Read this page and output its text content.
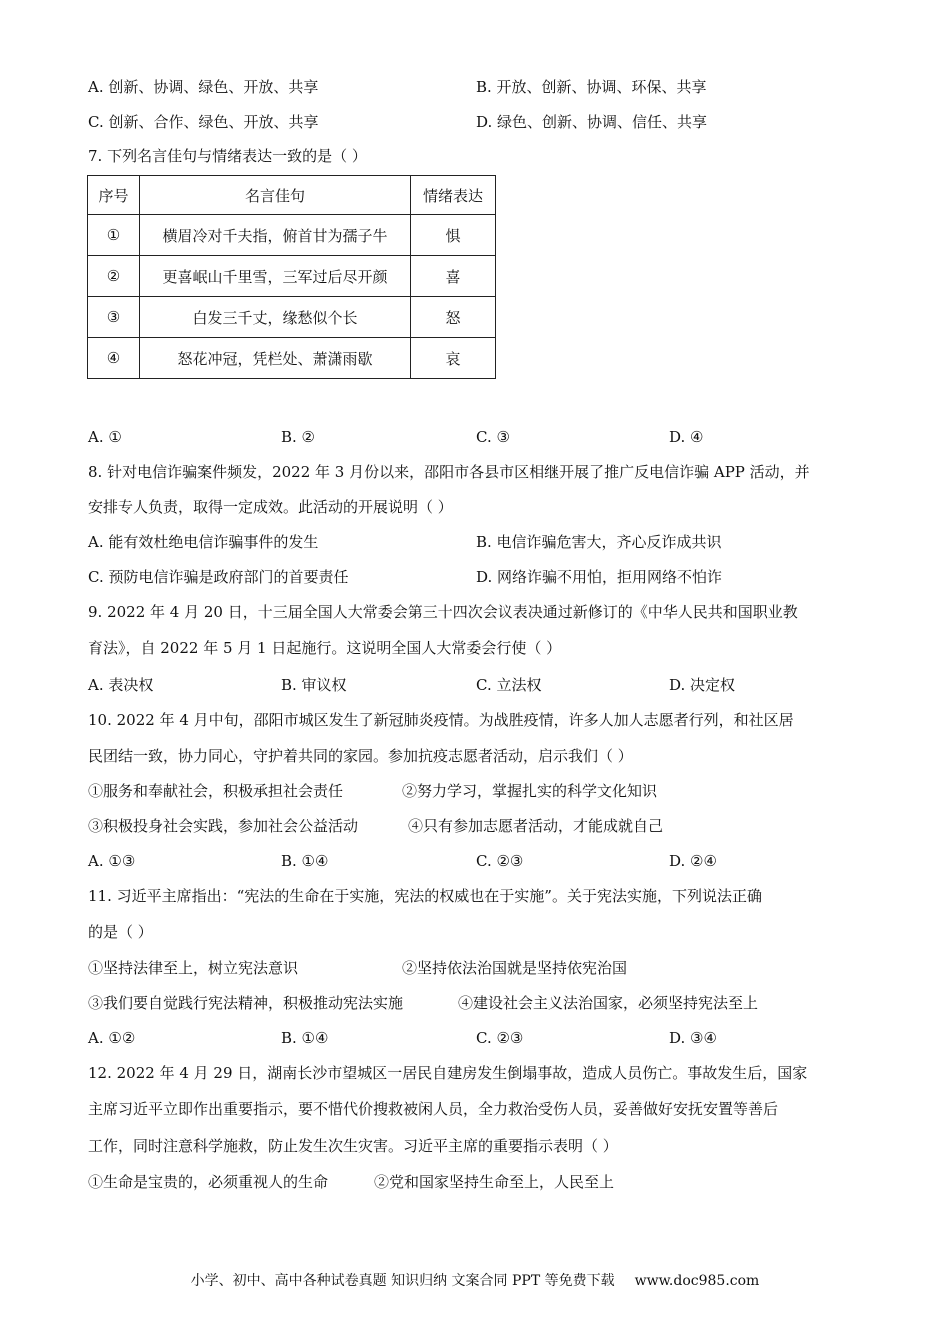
A. 创新、协调、绿色、开放、共享	B. 开放、创新、协调、环保、共享
C. 创新、合作、绿色、开放、共享	D. 绿色、创新、协调、信任、共享
7. 下列名言佳句与情绪表达一致的是（ ）
序号	名言佳句	情绪表达
①	横眉冷对千夫指，俯首甘为孺子牛	惧
②	更喜岷山千里雪，三军过后尽开颜	喜
③	白发三千丈，缘愁似个长	怒
④	怒花冲冠，凭栏处、萧潇雨歇	哀
A. ①	B. ②	C. ③	D. ④
8. 针对电信诈骗案件频发，2022 年 3 月份以来，邵阳市各县市区相继开展了推广反电信诈骗 APP 活动，并
安排专人负责，取得一定成效。此活动的开展说明（ ）
A. 能有效杜绝电信诈骗事件的发生	B. 电信诈骗危害大，齐心反诈成共识
C. 预防电信诈骗是政府部门的首要责任	D. 网络诈骗不用怕，拒用网络不怕诈
9. 2022 年 4 月 20 日，十三届全国人大常委会第三十四次会议表决通过新修订的《中华人民共和国职业教
育法》，自 2022 年 5 月 1 日起施行。这说明全国人大常委会行使（ ）
A. 表决权	B. 审议权	C. 立法权	D. 决定权
10. 2022 年 4 月中旬，邵阳市城区发生了新冠肺炎疫情。为战胜疫情，许多人加人志愿者行列，和社区居
民团结一致，协力同心，守护着共同的家园。参加抗疫志愿者活动，启示我们（ ）
①服务和奉献社会，积极承担社会责任	②努力学习，掌握扎实的科学文化知识
③积极投身社会实践，参加社会公益活动	④只有参加志愿者活动，才能成就自己
A. ①③	B. ①④	C. ②③	D. ②④
11. 习近平主席指出：“宪法的生命在于实施，宪法的权威也在于实施”。关于宪法实施，下列说法正确
的是（ ）
①坚持法律至上，树立宪法意识	②坚持依法治国就是坚持依宪治国
③我们要自觉践行宪法精神，积极推动宪法实施	④建设社会主义法治国家，必须坚持宪法至上
A. ①②	B. ①④	C. ②③	D. ③④
12. 2022 年 4 月 29 日，湖南长沙市望城区一居民自建房发生倒塌事故，造成人员伤亡。事故发生后，国家
主席习近平立即作出重要指示，要不惜代价搜救被闲人员，全力救治受伤人员，妥善做好安抚安置等善后
工作，同时注意科学施救，防止发生次生灾害。习近平主席的重要指示表明（ ）
①生命是宝贵的，必须重视人的生命	②党和国家坚持生命至上，人民至上
小学、初中、高中各种试卷真题 知识归纳 文案合同 PPT 等免费下载 www.doc985.com
